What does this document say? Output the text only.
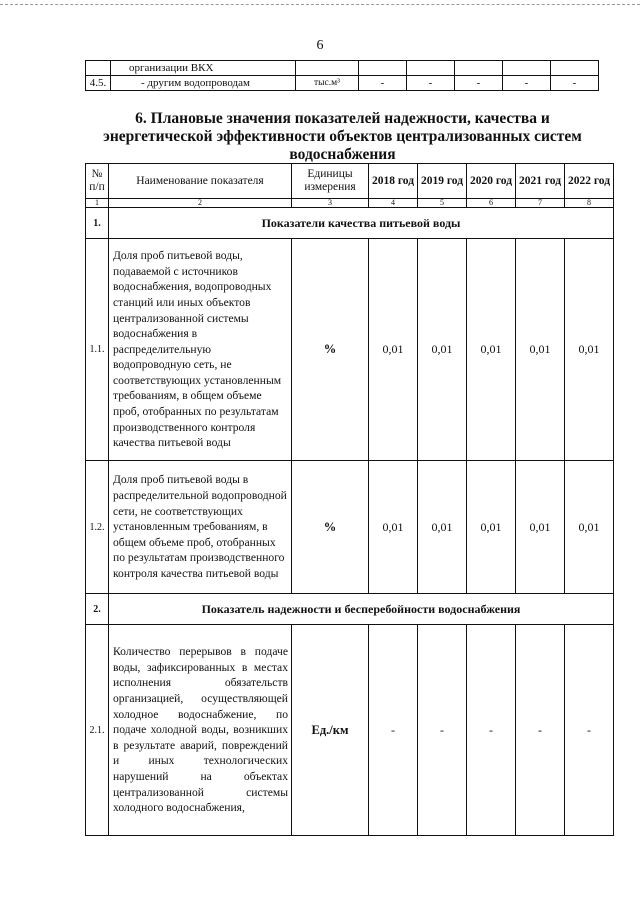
6
	организации ВКХ						
4.5.	- другим водопроводам	тыс.м³	-	-	-	-	-
6. Плановые значения показателей надежности, качества и энергетической эффективности объектов централизованных систем водоснабжения
№ п/п	Наименование показателя	Единицы измерения	2018 год	2019 год	2020 год	2021 год	2022 год
1	2	3	4	5	6	7	8
1.	Показатели качества питьевой воды						
1.1.	Доля проб питьевой воды, подаваемой с источников водоснабжения, водопроводных станций или иных объектов централизованной системы водоснабжения в распределительную водопроводную сеть, не соответствующих установленным требованиям, в общем объеме проб, отобранных по результатам производственного контроля качества питьевой воды	%	0,01	0,01	0,01	0,01	0,01
1.2.	Доля проб питьевой воды в распределительной водопроводной сети, не соответствующих установленным требованиям, в общем объеме проб, отобранных по результатам производственного контроля качества питьевой воды	%	0,01	0,01	0,01	0,01	0,01
2.	Показатель надежности и бесперебойности водоснабжения						
2.1.	Количество перерывов в подаче воды, зафиксированных в местах исполнения обязательств организацией, осуществляющей холодное водоснабжение, по подаче холодной воды, возникших в результате аварий, повреждений и иных технологических нарушений на объектах централизованной системы холодного водоснабжения,	Ед./км	-	-	-	-	-
